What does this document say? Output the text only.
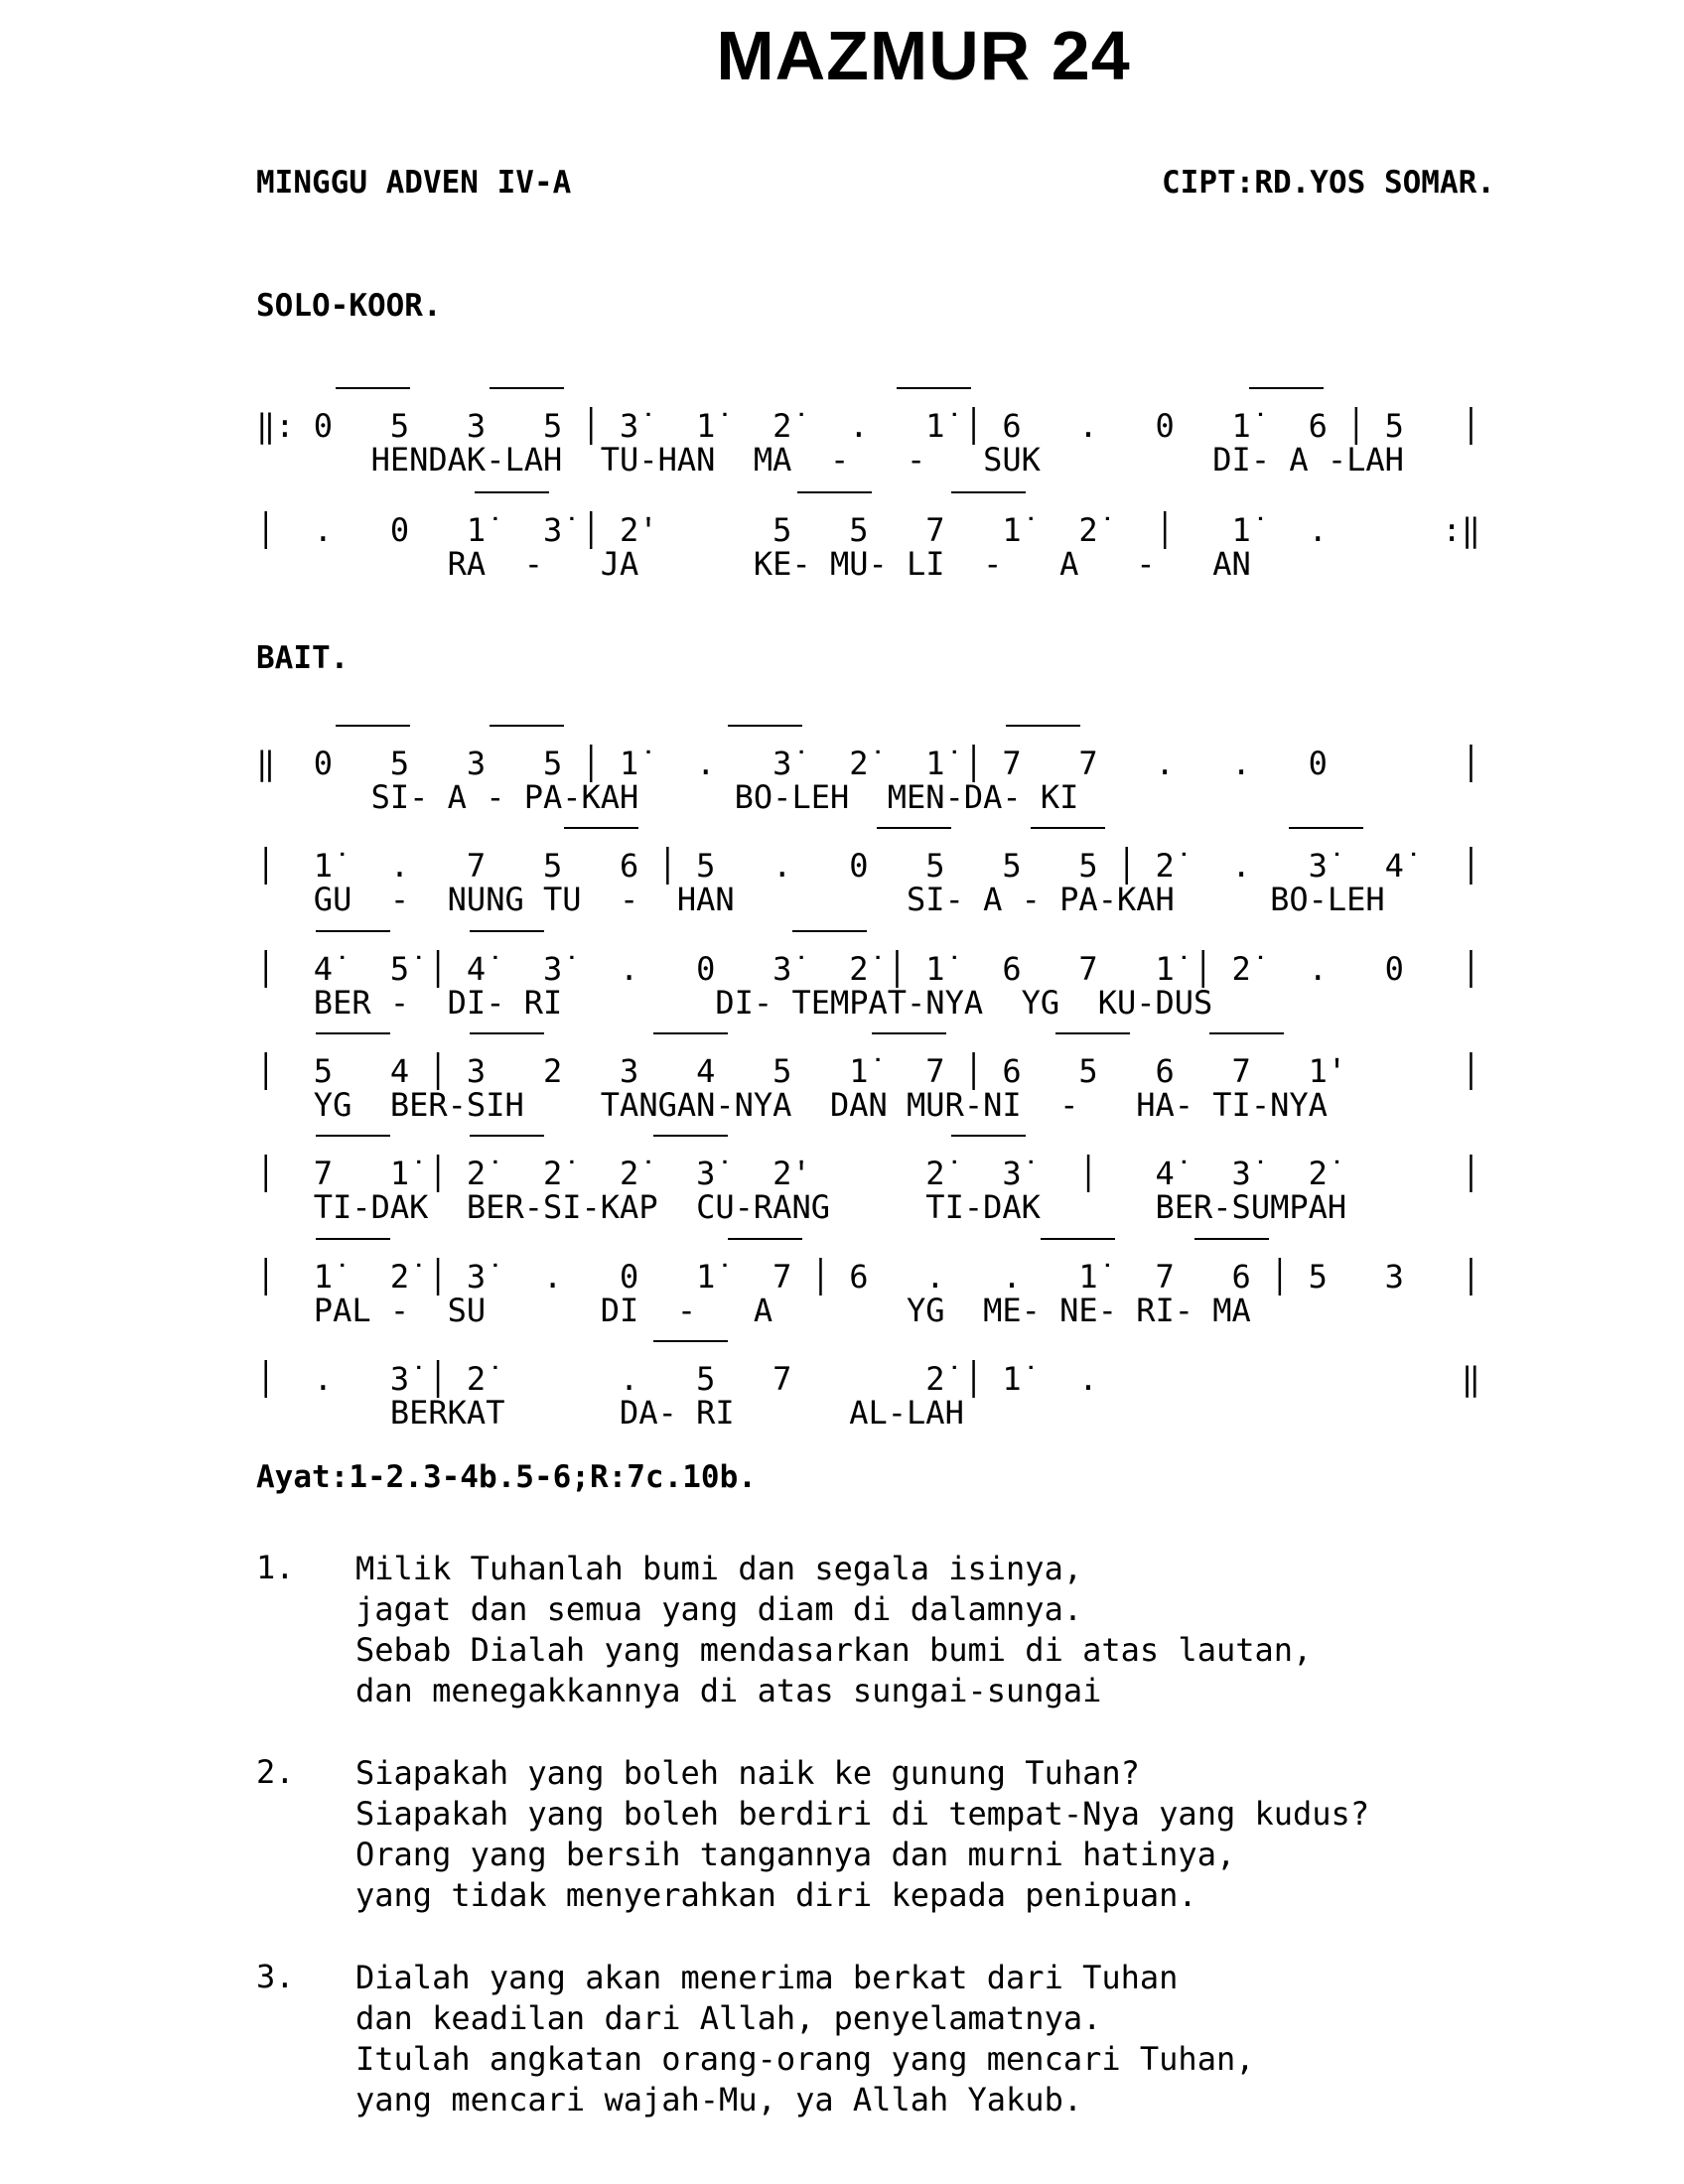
MAZMUR 24
MINGGU ADVEN IV-A	CIPT:RD.YOS SOMAR.
SOLO-KOOR.
‖: 0   5   3   5 │ 3̇   1̇   2̇   .   1̇ │ 6   .   0   1̇   6 │ 5   │
HENDAK-LAH  TU-HAN  MA  -   -   SUK         DI- A -LAH
│  .   0   1̇   3̇ │ 2̇'      5   5   7   1̇   2̇   │   1̇   .      :‖
RA  -   JA      KE- MU- LI  -   A   -   AN
BAIT.
‖  0   5   3   5 │ 1̇   .   3̇   2̇   1̇ │ 7   7   .   .   0       │
SI- A - PA-KAH     BO-LEH  MEN-DA- KI
│  1̇   .   7   5   6 │ 5   .   0   5   5   5 │ 2̇   .   3̇   4̇   │
GU  -  NUNG TU  -  HAN         SI- A - PA-KAH     BO-LEH
│  4̇   5̇ │ 4̇   3̇   .   0   3̇   2̇ │ 1̇   6   7   1̇ │ 2̇   .   0   │
BER -  DI- RI        DI- TEMPAT-NYA  YG  KU-DUS
│  5   4 │ 3   2   3   4   5   1̇   7 │ 6   5   6   7   1̇'      │
YG  BER-SIH    TANGAN-NYA  DAN MUR-NI  -   HA- TI-NYA
│  7   1̇ │ 2̇   2̇   2̇   3̇   2̇'      2̇   3̇   │   4̇   3̇   2̇       │
TI-DAK  BER-SI-KAP  CU-RANG     TI-DAK      BER-SUMPAH
│  1̇   2̇ │ 3̇   .   0   1̇   7 │ 6   .   .   1̇   7   6 │ 5   3   │
PAL -  SU      DI  -   A       YG  ME- NE- RI- MA
│  .   3̇ │ 2̇       .   5   7       2̇ │ 1̇   .                   ‖
BERKAT      DA- RI      AL-LAH
Ayat:1-2.3-4b.5-6;R:7c.10b.
1. Milik Tuhanlah bumi dan segala isinya,
jagat dan semua yang diam di dalamnya.
Sebab Dialah yang mendasarkan bumi di atas lautan,
dan menegakkannya di atas sungai-sungai
2. Siapakah yang boleh naik ke gunung Tuhan?
Siapakah yang boleh berdiri di tempat-Nya yang kudus?
Orang yang bersih tangannya dan murni hatinya,
yang tidak menyerahkan diri kepada penipuan.
3. Dialah yang akan menerima berkat dari Tuhan
dan keadilan dari Allah, penyelamatnya.
Itulah angkatan orang-orang yang mencari Tuhan,
yang mencari wajah-Mu, ya Allah Yakub.
